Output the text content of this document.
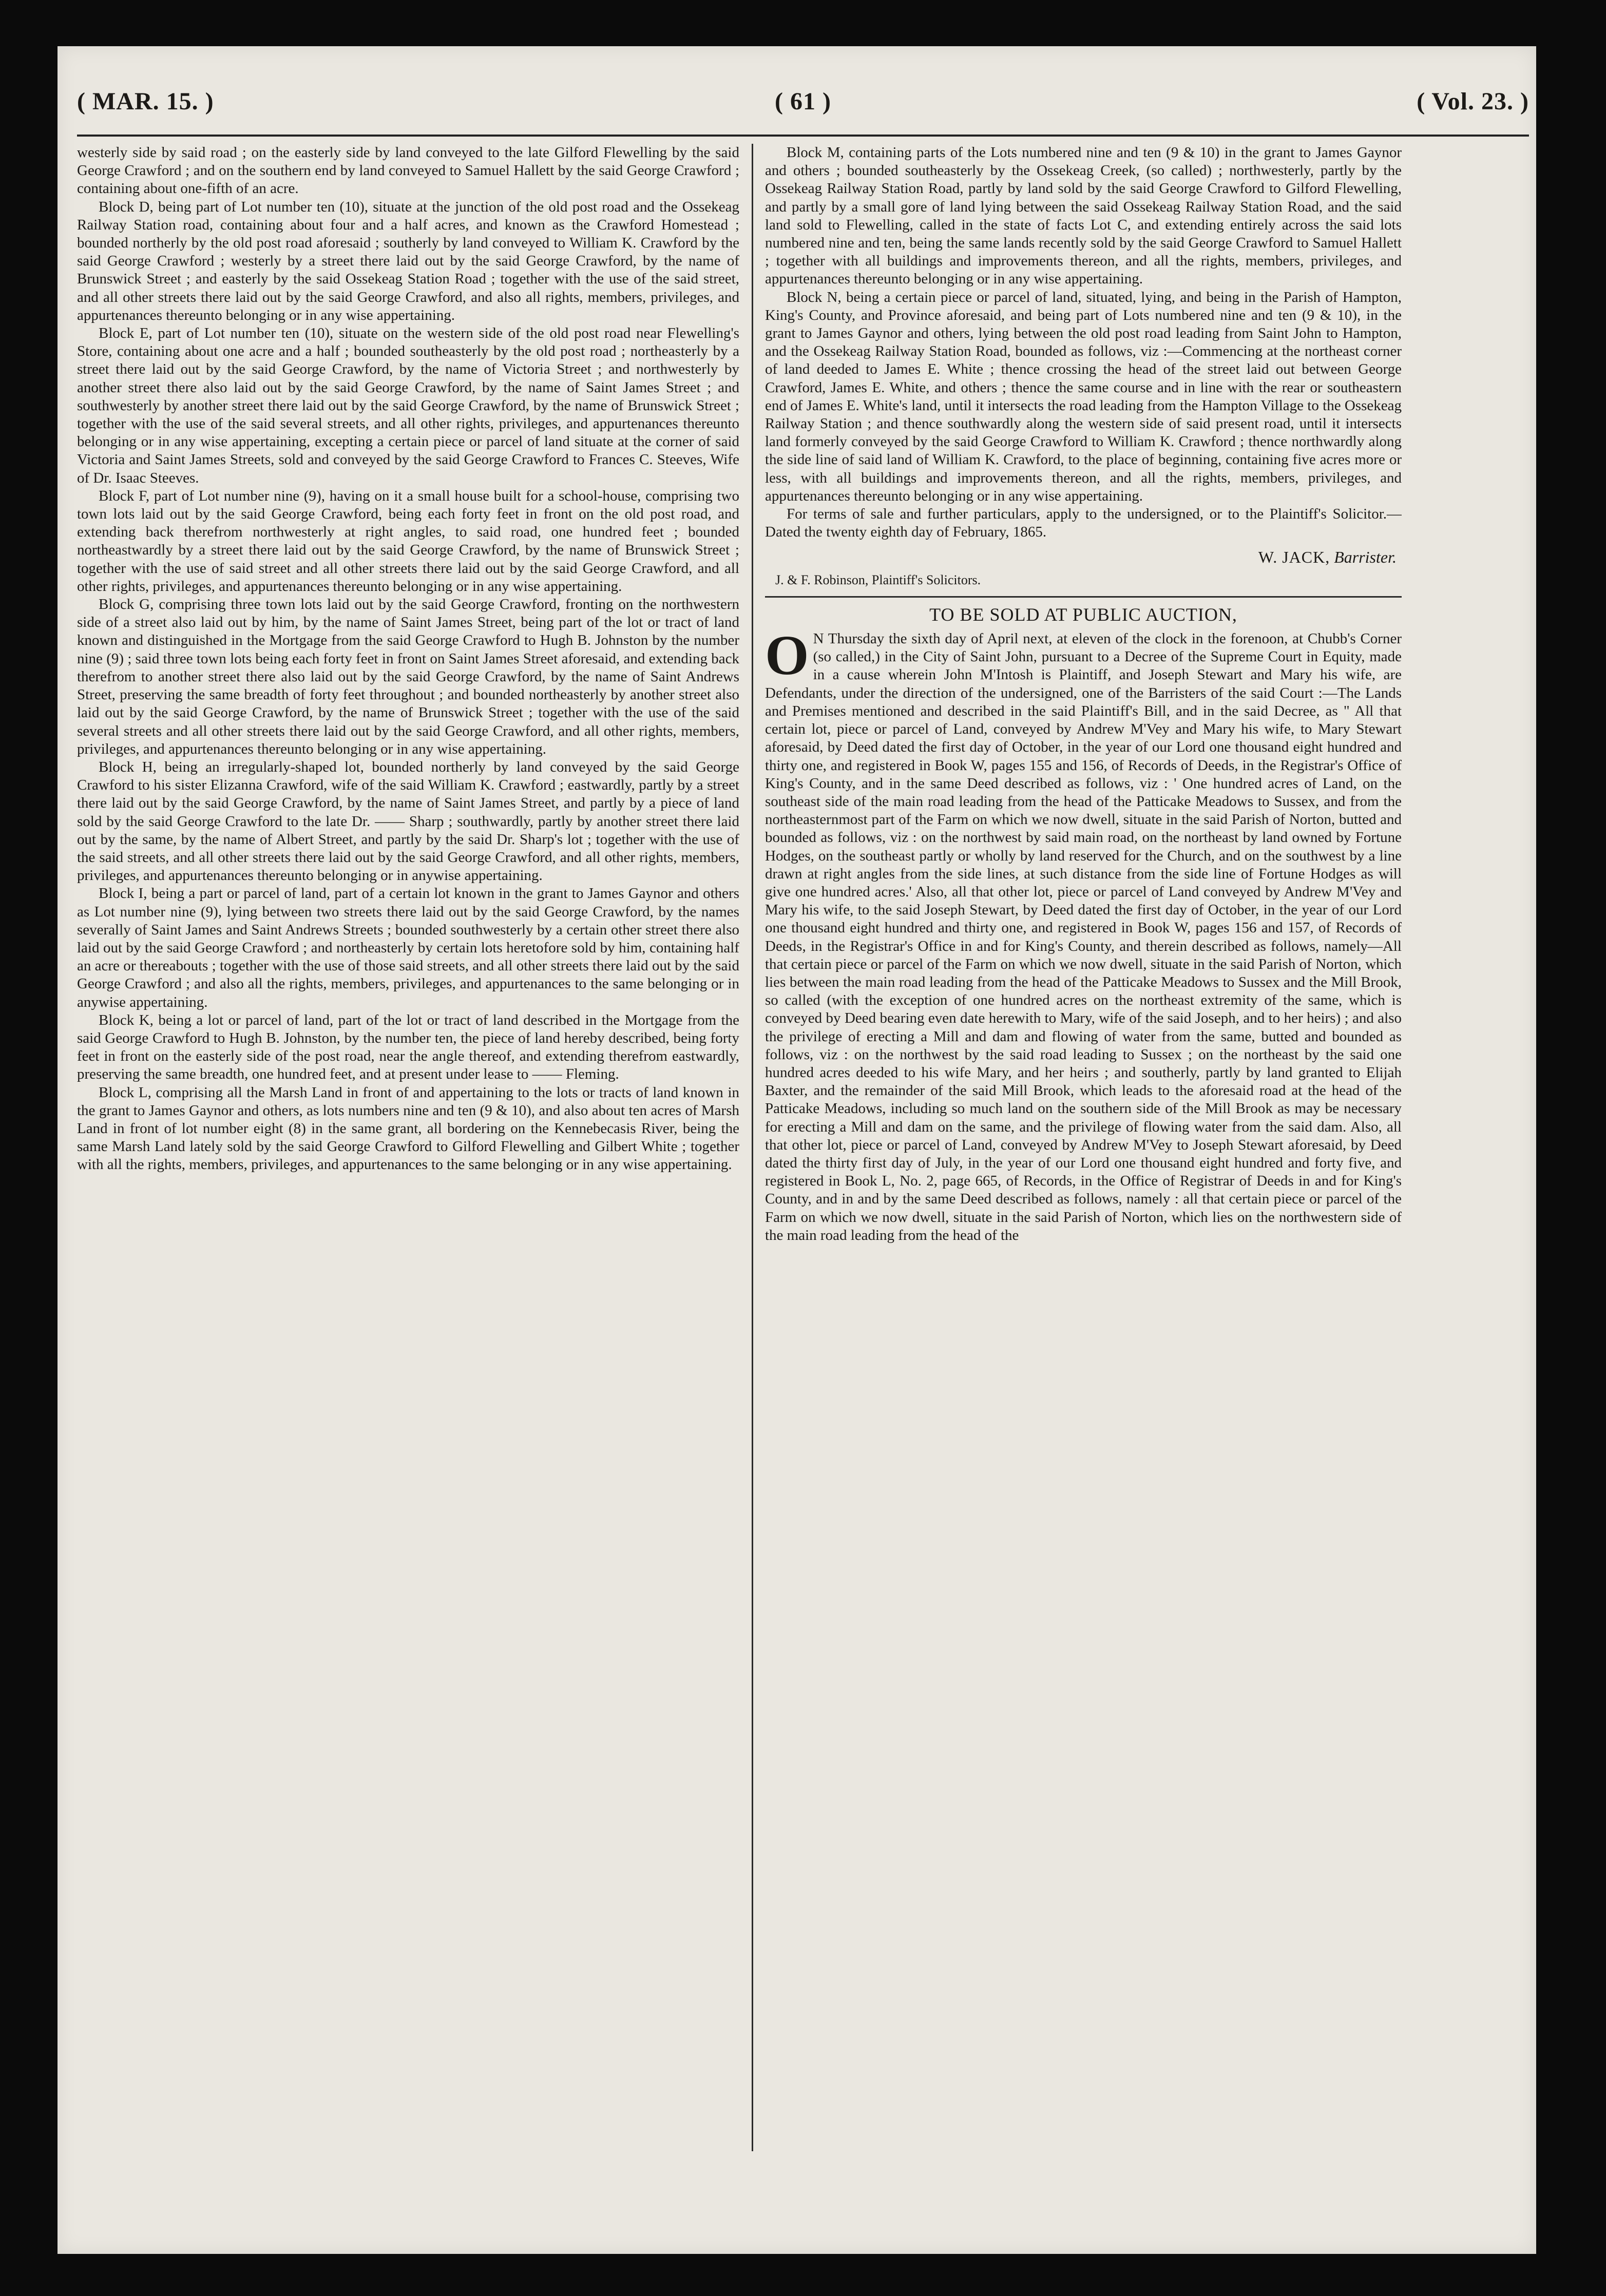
( MAR. 15. )	( 61 )	( Vol. 23. )

westerly side by said road ; on the easterly side by land conveyed to the late Gilford Flewelling by the said George Crawford ; and on the southern end by land conveyed to Samuel Hallett by the said George Crawford ; containing about one-fifth of an acre.

Block D, being part of Lot number ten (10), situate at the junction of the old post road and the Ossekeag Railway Station road, containing about four and a half acres, and known as the Crawford Homestead ; bounded northerly by the old post road aforesaid ; southerly by land conveyed to William K. Crawford by the said George Crawford ; westerly by a street there laid out by the said George Crawford, by the name of Brunswick Street ; and easterly by the said Ossekeag Station Road ; together with the use of the said street, and all other streets there laid out by the said George Crawford, and also all rights, members, privileges, and appurtenances thereunto belonging or in any wise appertaining.

Block E, part of Lot number ten (10), situate on the western side of the old post road near Flewelling's Store, containing about one acre and a half ; bounded southeasterly by the old post road ; northeasterly by a street there laid out by the said George Crawford, by the name of Victoria Street ; and northwesterly by another street there also laid out by the said George Crawford, by the name of Saint James Street ; and southwesterly by another street there laid out by the said George Crawford, by the name of Brunswick Street ; together with the use of the said several streets, and all other rights, privileges, and appurtenances thereunto belonging or in any wise appertaining, excepting a certain piece or parcel of land situate at the corner of said Victoria and Saint James Streets, sold and conveyed by the said George Crawford to Frances C. Steeves, Wife of Dr. Isaac Steeves.

Block F, part of Lot number nine (9), having on it a small house built for a school-house, comprising two town lots laid out by the said George Crawford, being each forty feet in front on the old post road, and extending back therefrom northwesterly at right angles, to said road, one hundred feet ; bounded northeastwardly by a street there laid out by the said George Crawford, by the name of Brunswick Street ; together with the use of said street and all other streets there laid out by the said George Crawford, and all other rights, privileges, and appurtenances thereunto belonging or in any wise appertaining.

Block G, comprising three town lots laid out by the said George Crawford, fronting on the northwestern side of a street also laid out by him, by the name of Saint James Street, being part of the lot or tract of land known and distinguished in the Mortgage from the said George Crawford to Hugh B. Johnston by the number nine (9) ; said three town lots being each forty feet in front on Saint James Street aforesaid, and extending back therefrom to another street there also laid out by the said George Crawford, by the name of Saint Andrews Street, preserving the same breadth of forty feet throughout ; and bounded northeasterly by another street also laid out by the said George Crawford, by the name of Brunswick Street ; together with the use of the said several streets and all other streets there laid out by the said George Crawford, and all other rights, members, privileges, and appurtenances thereunto belonging or in any wise appertaining.

Block H, being an irregularly-shaped lot, bounded northerly by land conveyed by the said George Crawford to his sister Elizanna Crawford, wife of the said William K. Crawford ; eastwardly, partly by a street there laid out by the said George Crawford, by the name of Saint James Street, and partly by a piece of land sold by the said George Crawford to the late Dr. —— Sharp ; southwardly, partly by another street there laid out by the same, by the name of Albert Street, and partly by the said Dr. Sharp's lot ; together with the use of the said streets, and all other streets there laid out by the said George Crawford, and all other rights, members, privileges, and appurtenances thereunto belonging or in anywise appertaining.

Block I, being a part or parcel of land, part of a certain lot known in the grant to James Gaynor and others as Lot number nine (9), lying between two streets there laid out by the said George Crawford, by the names severally of Saint James and Saint Andrews Streets ; bounded southwesterly by a certain other street there also laid out by the said George Crawford ; and northeasterly by certain lots heretofore sold by him, containing half an acre or thereabouts ; together with the use of those said streets, and all other streets there laid out by the said George Crawford ; and also all the rights, members, privileges, and appurtenances to the same belonging or in anywise appertaining.

Block K, being a lot or parcel of land, part of the lot or tract of land described in the Mortgage from the said George Crawford to Hugh B. Johnston, by the number ten, the piece of land hereby described, being forty feet in front on the easterly side of the post road, near the angle thereof, and extending therefrom eastwardly, preserving the same breadth, one hundred feet, and at present under lease to —— Fleming.

Block L, comprising all the Marsh Land in front of and appertaining to the lots or tracts of land known in the grant to James Gaynor and others, as lots numbers nine and ten (9 & 10), and also about ten acres of Marsh Land in front of lot number eight (8) in the same grant, all bordering on the Kennebecasis River, being the same Marsh Land lately sold by the said George Crawford to Gilford Flewelling and Gilbert White ; together with all the rights, members, privileges, and appurtenances to the same belonging or in any wise appertaining.

Block M, containing parts of the Lots numbered nine and ten (9 & 10) in the grant to James Gaynor and others ; bounded southeasterly by the Ossekeag Creek, (so called) ; northwesterly, partly by the Ossekeag Railway Station Road, partly by land sold by the said George Crawford to Gilford Flewelling, and partly by a small gore of land lying between the said Ossekeag Railway Station Road, and the said land sold to Flewelling, called in the state of facts Lot C, and extending entirely across the said lots numbered nine and ten, being the same lands recently sold by the said George Crawford to Samuel Hallett ; together with all buildings and improvements thereon, and all the rights, members, privileges, and appurtenances thereunto belonging or in any wise appertaining.

Block N, being a certain piece or parcel of land, situated, lying, and being in the Parish of Hampton, King's County, and Province aforesaid, and being part of Lots numbered nine and ten (9 & 10), in the grant to James Gaynor and others, lying between the old post road leading from Saint John to Hampton, and the Ossekeag Railway Station Road, bounded as follows, viz :—Commencing at the northeast corner of land deeded to James E. White ; thence crossing the head of the street laid out between George Crawford, James E. White, and others ; thence the same course and in line with the rear or southeastern end of James E. White's land, until it intersects the road leading from the Hampton Village to the Ossekeag Railway Station ; and thence southwardly along the western side of said present road, until it intersects land formerly conveyed by the said George Crawford to William K. Crawford ; thence northwardly along the side line of said land of William K. Crawford, to the place of beginning, containing five acres more or less, with all buildings and improvements thereon, and all the rights, members, privileges, and appurtenances thereunto belonging or in any wise appertaining.

For terms of sale and further particulars, apply to the undersigned, or to the Plaintiff's Solicitor.—Dated the twenty eighth day of February, 1865.

W. JACK, Barrister.
J. & F. Robinson, Plaintiff's Solicitors.
TO BE SOLD AT PUBLIC AUCTION,

O N Thursday the sixth day of April next, at eleven of the clock in the forenoon, at Chubb's Corner (so called,) in the City of Saint John, pursuant to a Decree of the Supreme Court in Equity, made in a cause wherein John M'Intosh is Plaintiff, and Joseph Stewart and Mary his wife, are Defendants, under the direction of the undersigned, one of the Barristers of the said Court :—The Lands and Premises mentioned and described in the said Plaintiff's Bill, and in the said Decree, as " All that certain lot, piece or parcel of Land, conveyed by Andrew M'Vey and Mary his wife, to Mary Stewart aforesaid, by Deed dated the first day of October, in the year of our Lord one thousand eight hundred and thirty one, and registered in Book W, pages 155 and 156, of Records of Deeds, in the Registrar's Office of King's County, and in the same Deed described as follows, viz : ' One hundred acres of Land, on the southeast side of the main road leading from the head of the Patticake Meadows to Sussex, and from the northeasternmost part of the Farm on which we now dwell, situate in the said Parish of Norton, butted and bounded as follows, viz : on the northwest by said main road, on the northeast by land owned by Fortune Hodges, on the southeast partly or wholly by land reserved for the Church, and on the southwest by a line drawn at right angles from the side lines, at such distance from the side line of Fortune Hodges as will give one hundred acres.' Also, all that other lot, piece or parcel of Land conveyed by Andrew M'Vey and Mary his wife, to the said Joseph Stewart, by Deed dated the first day of October, in the year of our Lord one thousand eight hundred and thirty one, and registered in Book W, pages 156 and 157, of Records of Deeds, in the Registrar's Office in and for King's County, and therein described as follows, namely—All that certain piece or parcel of the Farm on which we now dwell, situate in the said Parish of Norton, which lies between the main road leading from the head of the Patticake Meadows to Sussex and the Mill Brook, so called (with the exception of one hundred acres on the northeast extremity of the same, which is conveyed by Deed bearing even date herewith to Mary, wife of the said Joseph, and to her heirs) ; and also the privilege of erecting a Mill and dam and flowing of water from the same, butted and bounded as follows, viz : on the northwest by the said road leading to Sussex ; on the northeast by the said one hundred acres deeded to his wife Mary, and her heirs ; and southerly, partly by land granted to Elijah Baxter, and the remainder of the said Mill Brook, which leads to the aforesaid road at the head of the Patticake Meadows, including so much land on the southern side of the Mill Brook as may be necessary for erecting a Mill and dam on the same, and the privilege of flowing water from the said dam. Also, all that other lot, piece or parcel of Land, conveyed by Andrew M'Vey to Joseph Stewart aforesaid, by Deed dated the thirty first day of July, in the year of our Lord one thousand eight hundred and forty five, and registered in Book L, No. 2, page 665, of Records, in the Office of Registrar of Deeds in and for King's County, and in and by the same Deed described as follows, namely : all that certain piece or parcel of the Farm on which we now dwell, situate in the said Parish of Norton, which lies on the northwestern side of the main road leading from the head of the
